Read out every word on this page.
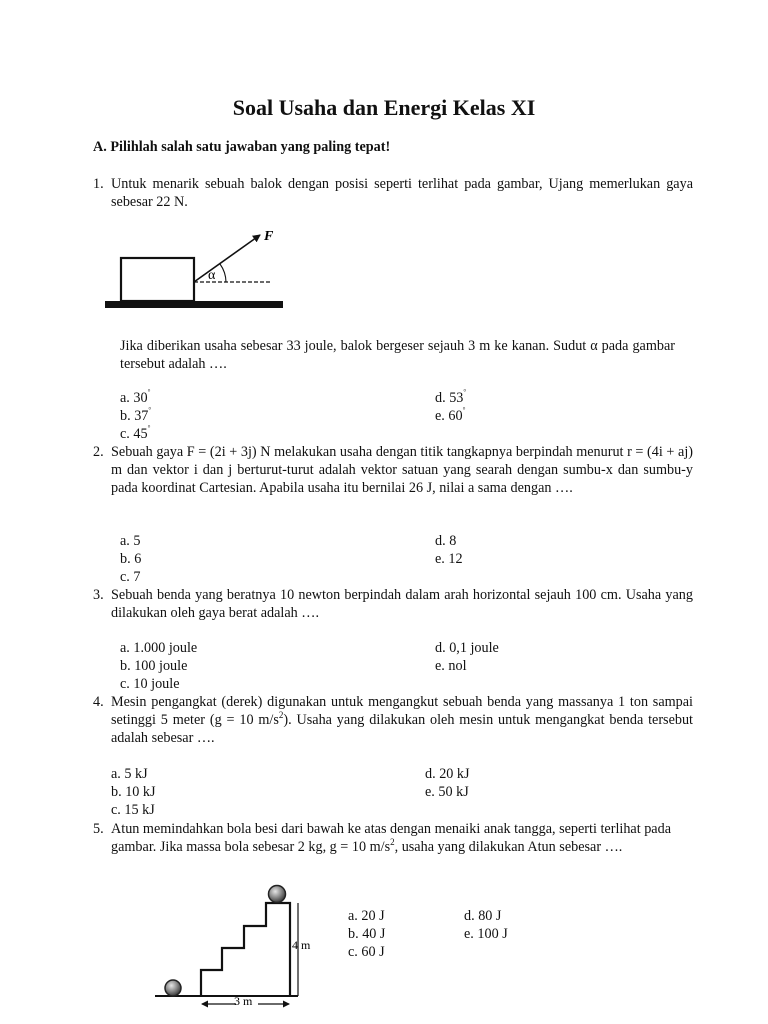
Soal Usaha dan Energi Kelas XI

A. Pilihlah salah satu jawaban yang paling tepat!

1. Untuk menarik sebuah balok dengan posisi seperti terlihat pada gambar, Ujang memerlukan gaya sebesar 22 N.

F
α

Jika diberikan usaha sebesar 33 joule, balok bergeser sejauh 3 m ke kanan. Sudut α pada gambar tersebut adalah ….

a. 30°

b. 37°

c. 45°

d. 53°

e. 60°

2. Sebuah gaya F = (2i + 3j) N melakukan usaha dengan titik tangkapnya berpindah menurut r = (4i + aj) m dan vektor i dan j berturut-turut adalah vektor satuan yang searah dengan sumbu-x dan sumbu-y pada koordinat Cartesian. Apabila usaha itu bernilai 26 J, nilai a sama dengan ….

a. 5

b. 6

c. 7

d. 8

e. 12

3. Sebuah benda yang beratnya 10 newton berpindah dalam arah horizontal sejauh 100 cm. Usaha yang dilakukan oleh gaya berat adalah ….

a. 1.000 joule

b. 100 joule

c. 10 joule

d. 0,1 joule

e. nol

4. Mesin pengangkat (derek) digunakan untuk mengangkut sebuah benda yang massanya 1 ton sampai setinggi 5 meter (g = 10 $m/s^2$). Usaha yang dilakukan oleh mesin untuk mengangkat benda tersebut adalah sebesar ….

a. 5 kJ

b. 10 kJ

c. 15 kJ

d. 20 kJ

e. 50 kJ

5. Atun memindahkan bola besi dari bawah ke atas dengan menaiki anak tangga, seperti terlihat pada gambar. Jika massa bola sebesar 2 kg, g = 10 $m/s^2$, usaha yang dilakukan Atun sebesar ….

4 m
3 m

a. 20 J

b. 40 J

c. 60 J

d. 80 J

e. 100 J
